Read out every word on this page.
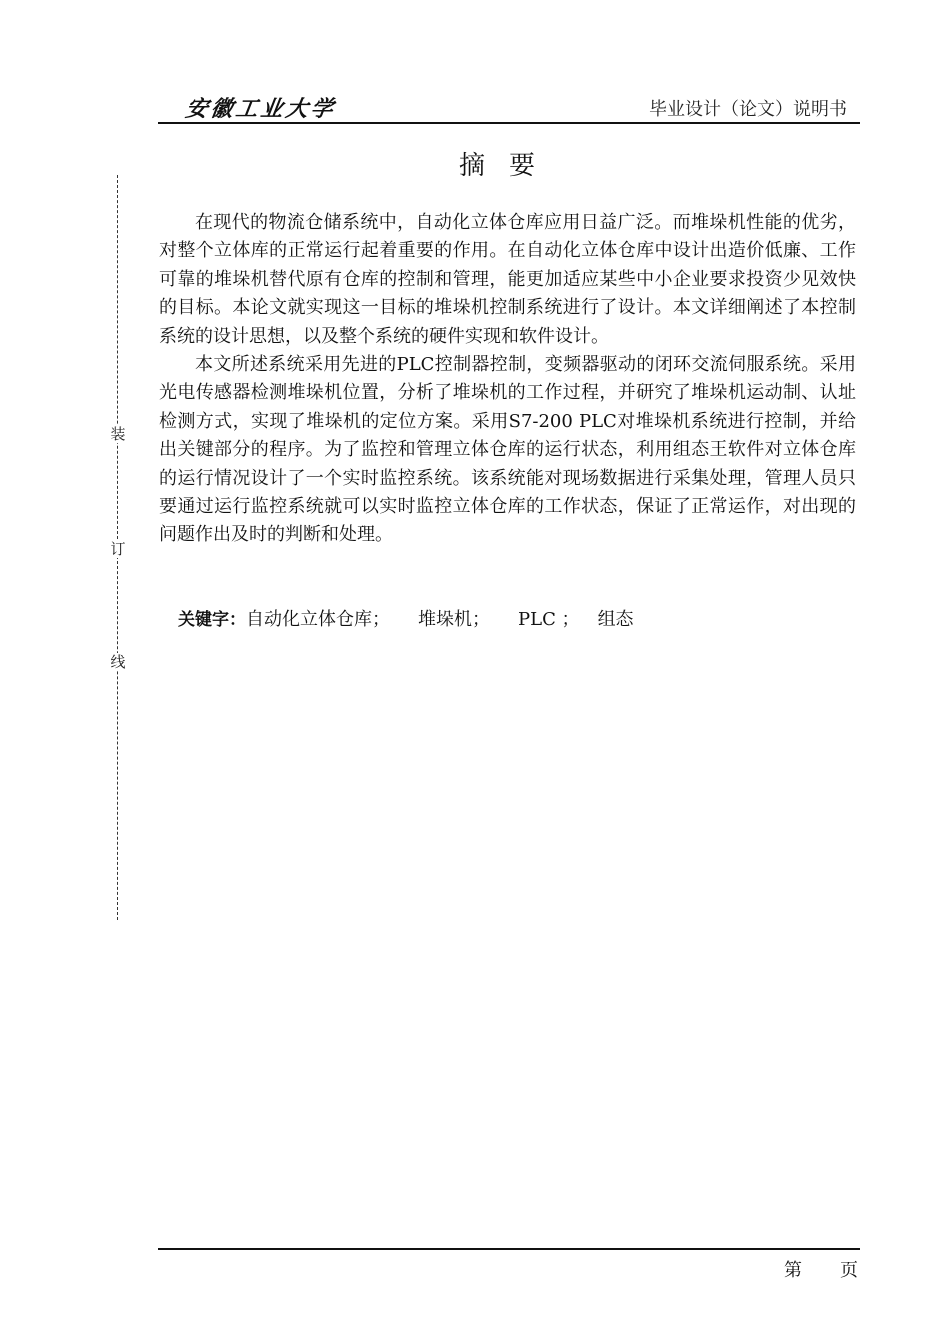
安徽工业大学	毕业设计（论文）说明书
装
订
线
摘要

在现代的物流仓储系统中，自动化立体仓库应用日益广泛。而堆垛机性能的优劣，对整个立体库的正常运行起着重要的作用。在自动化立体仓库中设计出造价低廉、工作可靠的堆垛机替代原有仓库的控制和管理，能更加适应某些中小企业要求投资少见效快的目标。本论文就实现这一目标的堆垛机控制系统进行了设计。本文详细阐述了本控制系统的设计思想，以及整个系统的硬件实现和软件设计。

本文所述系统采用先进的PLC控制器控制，变频器驱动的闭环交流伺服系统。采用光电传感器检测堆垛机位置，分析了堆垛机的工作过程，并研究了堆垛机运动制、认址检测方式，实现了堆垛机的定位方案。采用S7-200 PLC对堆垛机系统进行控制，并给出关键部分的程序。为了监控和管理立体仓库的运行状态，利用组态王软件对立体仓库的运行情况设计了一个实时监控系统。该系统能对现场数据进行采集处理，管理人员只要通过运行监控系统就可以实时监控立体仓库的工作状态，保证了正常运作，对出现的问题作出及时的判断和处理。

关键字：自动化立体仓库； 堆垛机； PLC ； 组态
第 页
